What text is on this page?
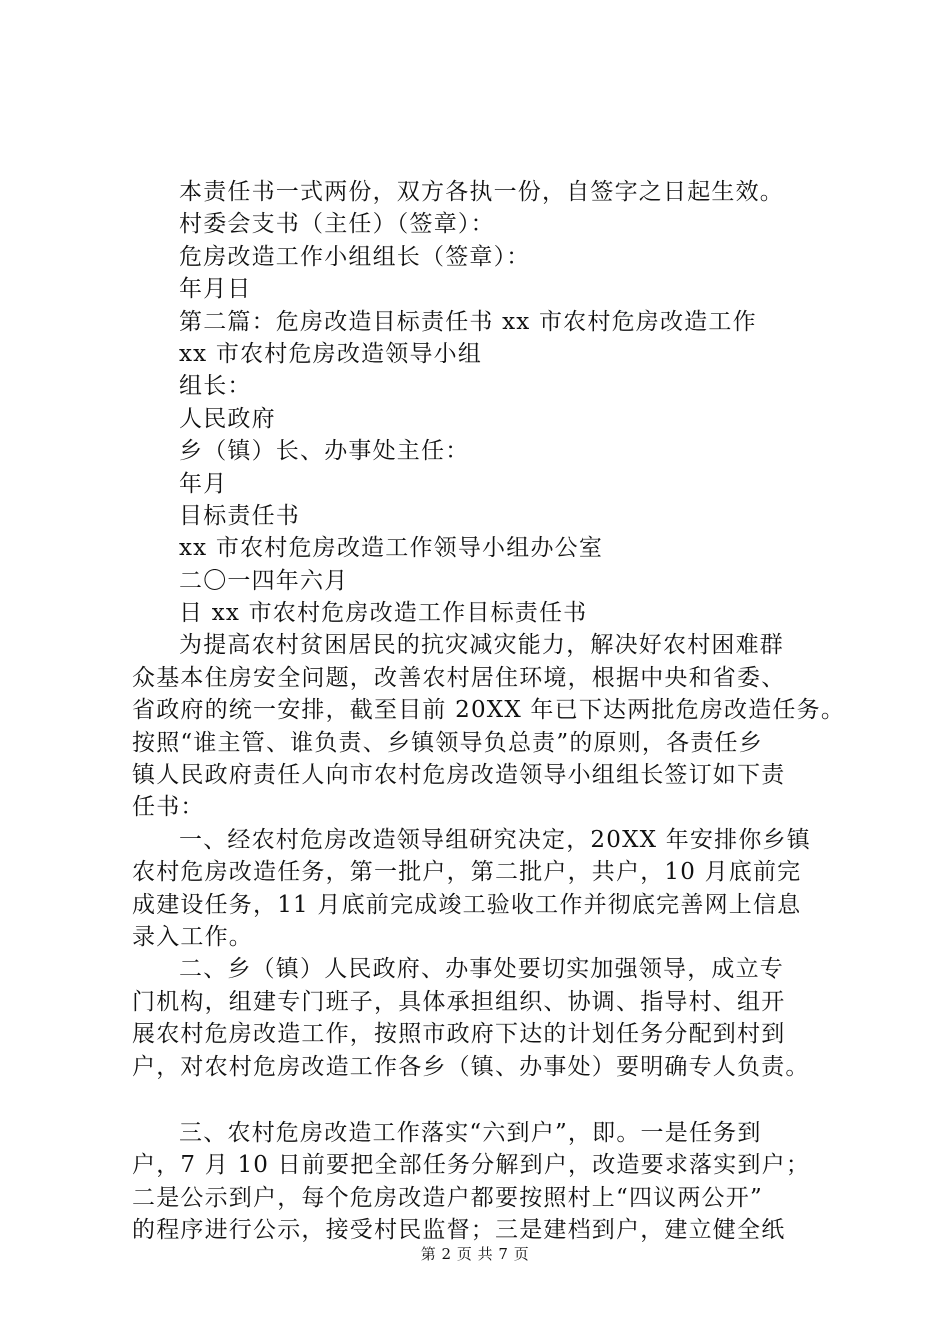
本责任书一式两份，双方各执一份，自签字之日起生效。
村委会支书（主任）（签章）：
危房改造工作小组组长（签章）：
年月日
第二篇：危房改造目标责任书 xx 市农村危房改造工作
xx 市农村危房改造领导小组
组长：
人民政府
乡（镇）长、办事处主任：
年月
目标责任书
xx 市农村危房改造工作领导小组办公室
二〇一四年六月
日 xx 市农村危房改造工作目标责任书
为提高农村贫困居民的抗灾减灾能力，解决好农村困难群
众基本住房安全问题，改善农村居住环境，根据中央和省委、
省政府的统一安排，截至目前 20XX 年已下达两批危房改造任务。
按照“谁主管、谁负责、乡镇领导负总责”的原则，各责任乡
镇人民政府责任人向市农村危房改造领导小组组长签订如下责
任书：
一、经农村危房改造领导组研究决定，20XX 年安排你乡镇
农村危房改造任务，第一批户，第二批户，共户，10 月底前完
成建设任务，11 月底前完成竣工验收工作并彻底完善网上信息
录入工作。
二、乡（镇）人民政府、办事处要切实加强领导，成立专
门机构，组建专门班子，具体承担组织、协调、指导村、组开
展农村危房改造工作，按照市政府下达的计划任务分配到村到
户，对农村危房改造工作各乡（镇、办事处）要明确专人负责。
三、农村危房改造工作落实“六到户”，即。一是任务到
户，7 月 10 日前要把全部任务分解到户，改造要求落实到户；
二是公示到户，每个危房改造户都要按照村上“四议两公开”
的程序进行公示，接受村民监督；三是建档到户，建立健全纸
第 2 页 共 7 页
